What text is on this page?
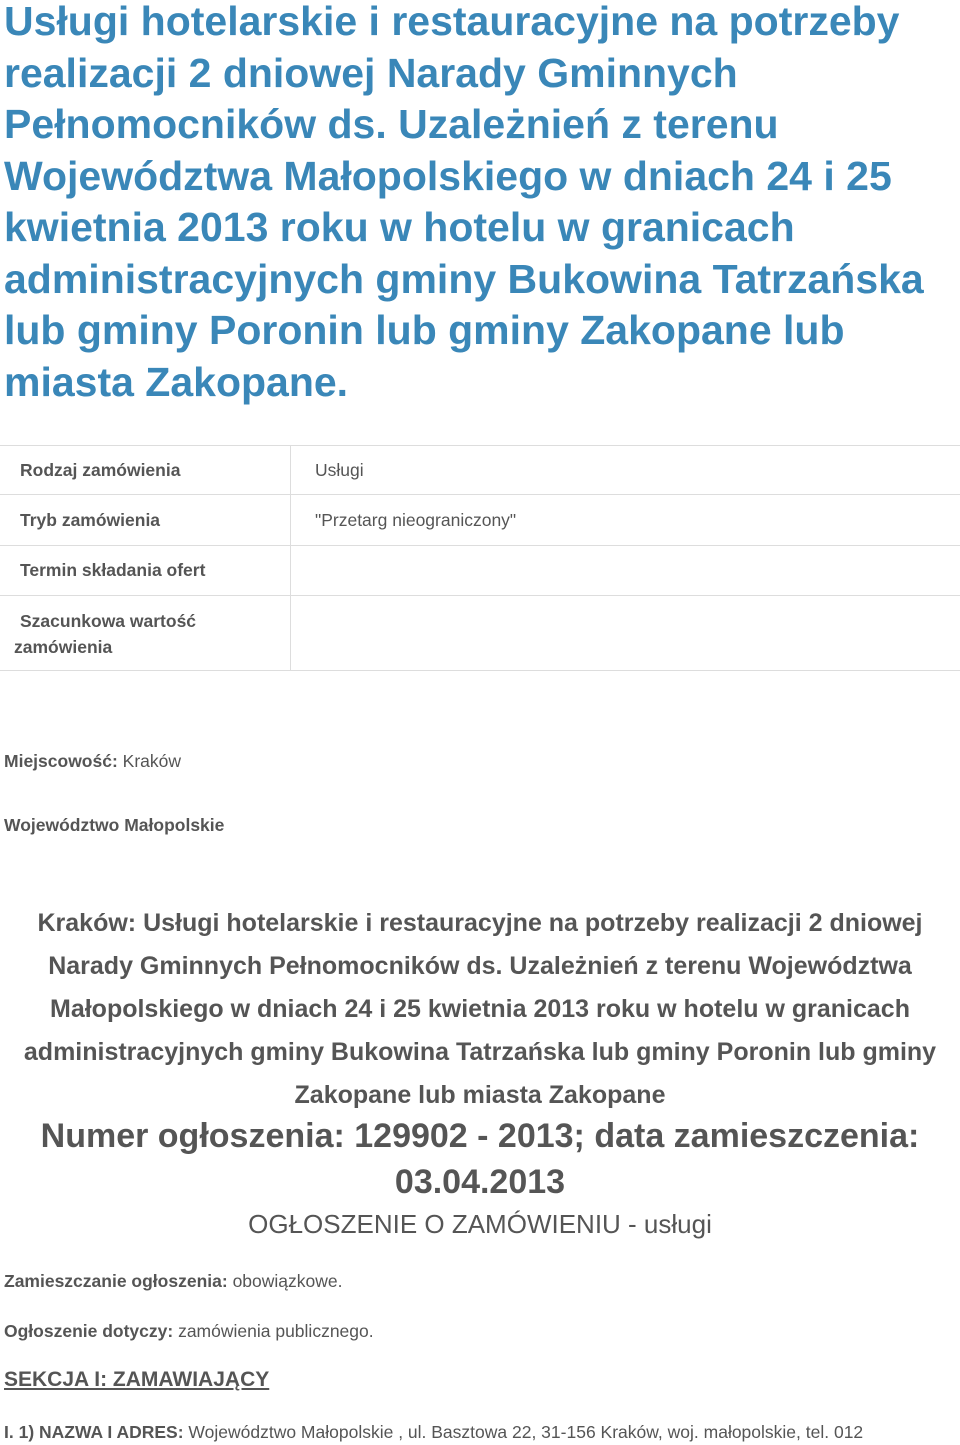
Usługi hotelarskie i restauracyjne na potrzeby realizacji 2 dniowej Narady Gminnych Pełnomocników ds. Uzależnień z terenu Województwa Małopolskiego w dniach 24 i 25 kwietnia 2013 roku w hotelu w granicach administracyjnych gminy Bukowina Tatrzańska lub gminy Poronin lub gminy Zakopane lub miasta Zakopane.
Rodzaj zamówienia	Usługi

Tryb zamówienia	"Przetarg nieograniczony"

Termin składania ofert	

Szacunkowa wartość zamówienia	

Miejscowość: Kraków
Województwo Małopolskie
Kraków: Usługi hotelarskie i restauracyjne na potrzeby realizacji 2 dniowej Narady Gminnych Pełnomocników ds. Uzależnień z terenu Województwa Małopolskiego w dniach 24 i 25 kwietnia 2013 roku w hotelu w granicach administracyjnych gminy Bukowina Tatrzańska lub gminy Poronin lub gminy Zakopane lub miasta Zakopane
Numer ogłoszenia: 129902 - 2013; data zamieszczenia: 03.04.2013
OGŁOSZENIE O ZAMÓWIENIU - usługi
Zamieszczanie ogłoszenia: obowiązkowe.
Ogłoszenie dotyczy: zamówienia publicznego.
SEKCJA I: ZAMAWIAJĄCY
I. 1) NAZWA I ADRES: Województwo Małopolskie , ul. Basztowa 22, 31-156 Kraków, woj. małopolskie, tel. 012
